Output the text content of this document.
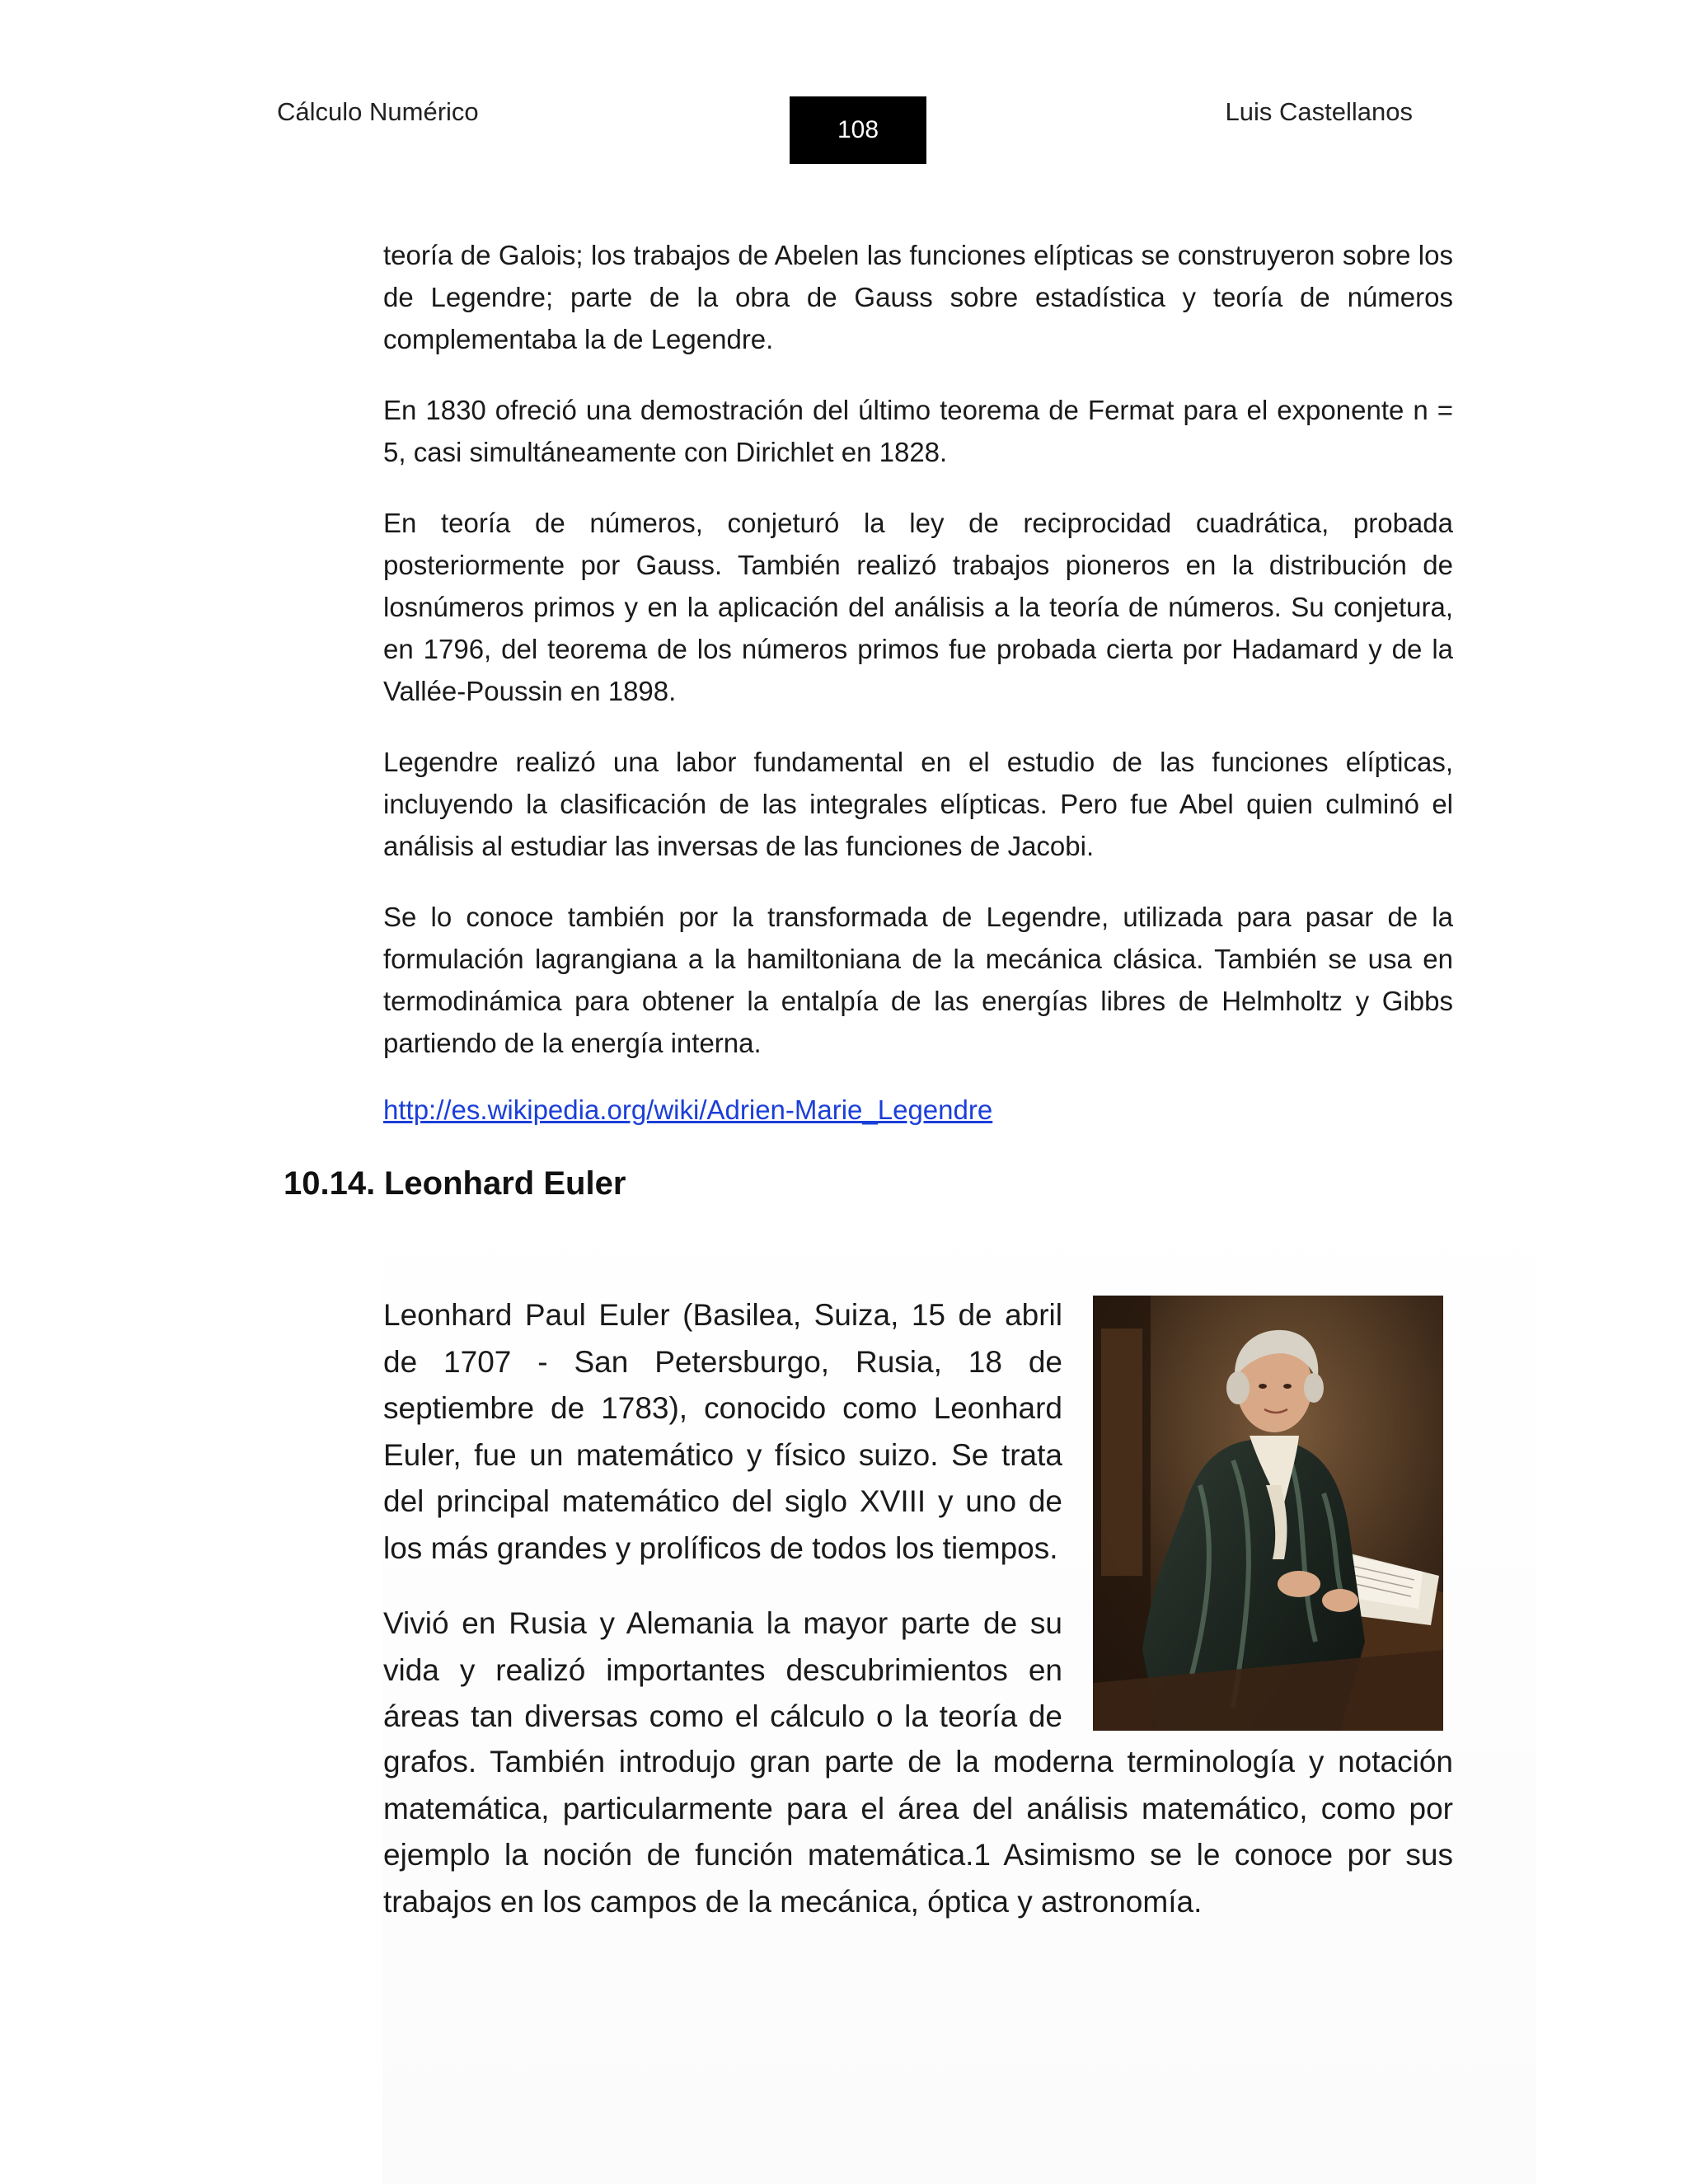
Cálculo Numérico
108
Luis Castellanos

teoría de Galois; los trabajos de Abelen las funciones elípticas se construyeron sobre los de Legendre; parte de la obra de Gauss sobre estadística y teoría de números complementaba la de Legendre.

En 1830 ofreció una demostración del último teorema de Fermat para el exponente n = 5, casi simultáneamente con Dirichlet en 1828.

En teoría de números, conjeturó la ley de reciprocidad cuadrática, probada posteriormente por Gauss. También realizó trabajos pioneros en la distribución de losnúmeros primos y en la aplicación del análisis a la teoría de números. Su conjetura, en 1796, del teorema de los números primos fue probada cierta por Hadamard y de la Vallée-Poussin en 1898.

Legendre realizó una labor fundamental en el estudio de las funciones elípticas, incluyendo la clasificación de las integrales elípticas. Pero fue Abel quien culminó el análisis al estudiar las inversas de las funciones de Jacobi.

Se lo conoce también por la transformada de Legendre, utilizada para pasar de la formulación lagrangiana a la hamiltoniana de la mecánica clásica. También se usa en termodinámica para obtener la entalpía de las energías libres de Helmholtz y Gibbs partiendo de la energía interna.

http://es.wikipedia.org/wiki/Adrien-Marie_Legendre
10.14. Leonhard Euler

Leonhard Paul Euler (Basilea, Suiza, 15 de abril de 1707 - San Petersburgo, Rusia, 18 de septiembre de 1783), conocido como Leonhard Euler, fue un matemático y físico suizo. Se trata del principal matemático del siglo XVIII y uno de los más grandes y prolíficos de todos los tiempos.

Vivió en Rusia y Alemania la mayor parte de su vida y realizó importantes descubrimientos en áreas tan diversas como el cálculo o la teoría de

grafos. También introdujo gran parte de la moderna terminología y notación matemática, particularmente para el área del análisis matemático, como por ejemplo la noción de función matemática.1 Asimismo se le conoce por sus trabajos en los campos de la mecánica, óptica y astronomía.
